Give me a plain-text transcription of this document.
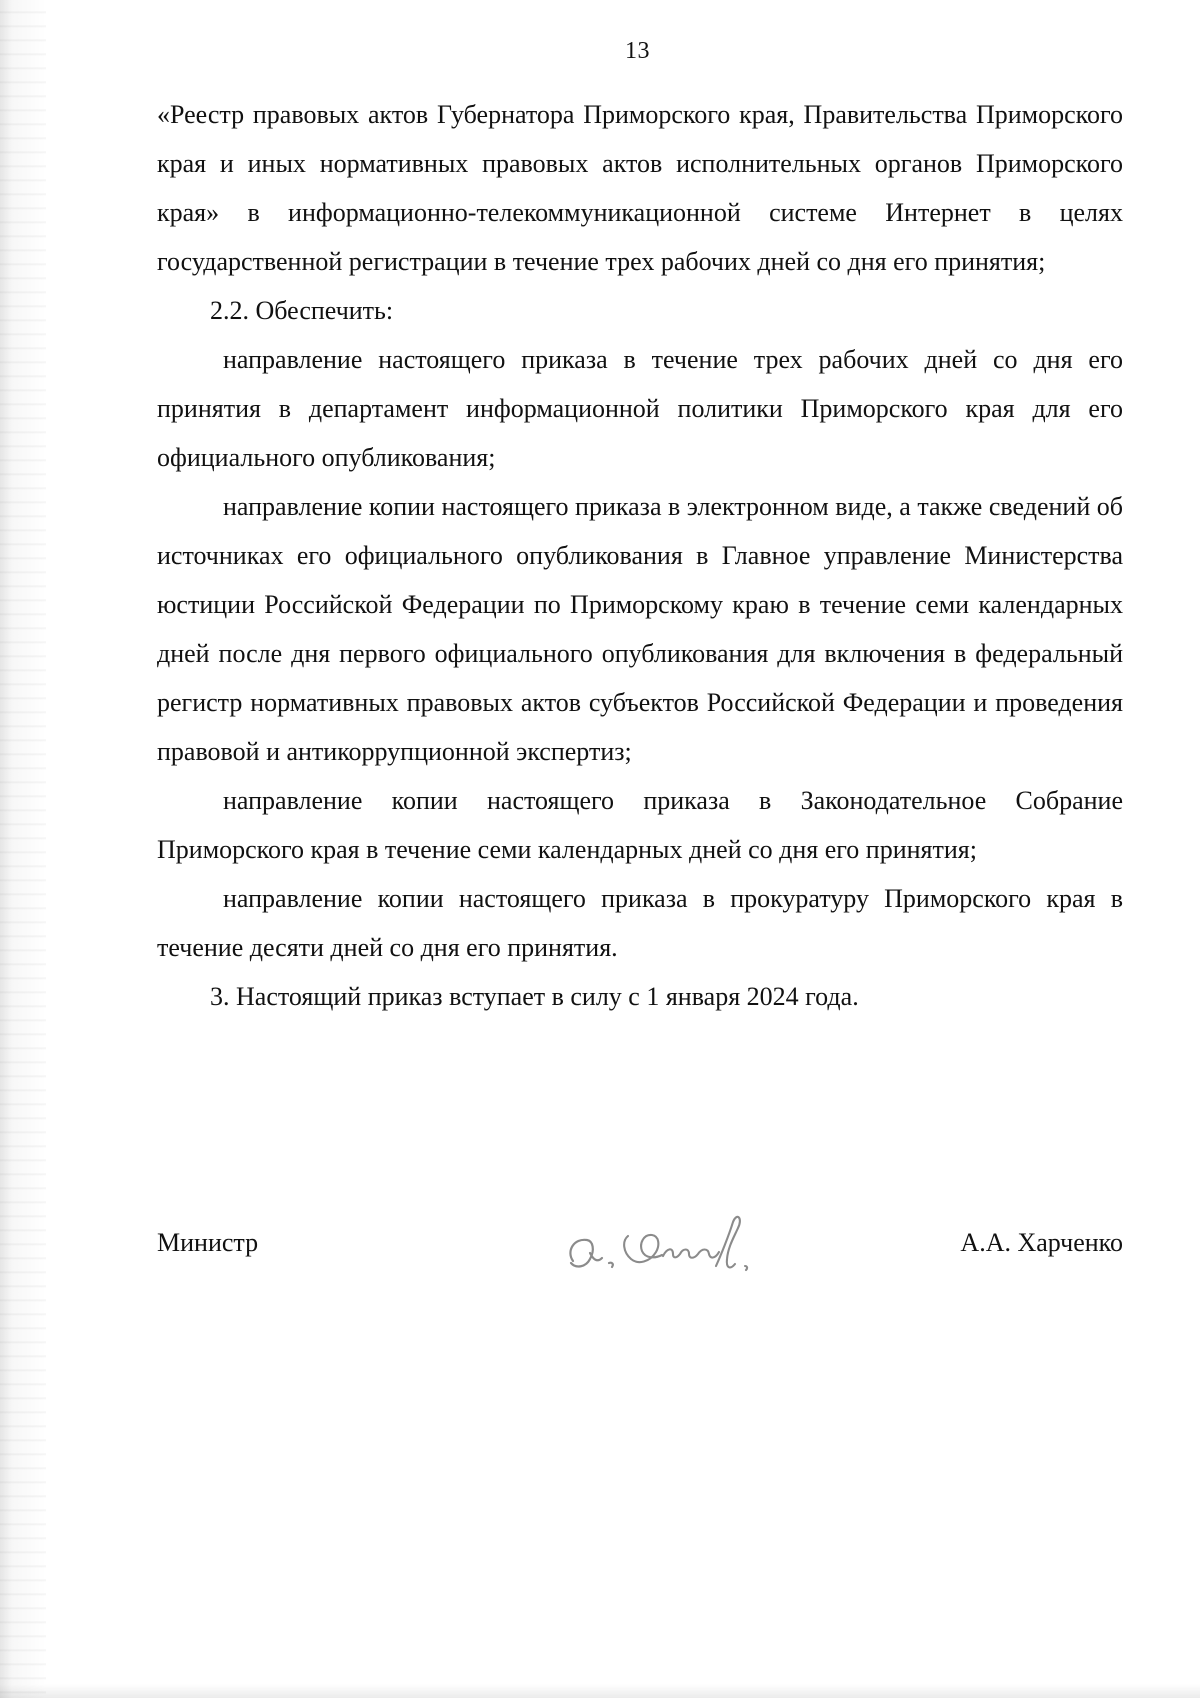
13

«Реестр правовых актов Губернатора Приморского края, Правительства Приморского края и иных нормативных правовых актов исполнительных органов Приморского края» в информационно-телекоммуникационной системе Интернет в целях государственной регистрации в течение трех рабочих дней со дня его принятия;

2.2. Обеспечить:

направление настоящего приказа в течение трех рабочих дней со дня его принятия в департамент информационной политики Приморского края для его официального опубликования;

направление копии настоящего приказа в электронном виде, а также сведений об источниках его официального опубликования в Главное управление Министерства юстиции Российской Федерации по Приморскому краю в течение семи календарных дней после дня первого официального опубликования для включения в федеральный регистр нормативных правовых актов субъектов Российской Федерации и проведения правовой и антикоррупционной экспертиз;

направление копии настоящего приказа в Законодательное Собрание Приморского края в течение семи календарных дней со дня его принятия;

направление копии настоящего приказа в прокуратуру Приморского края в течение десяти дней со дня его принятия.

3. Настоящий приказ вступает в силу с 1 января 2024 года.

Министр	А.А. Харченко
